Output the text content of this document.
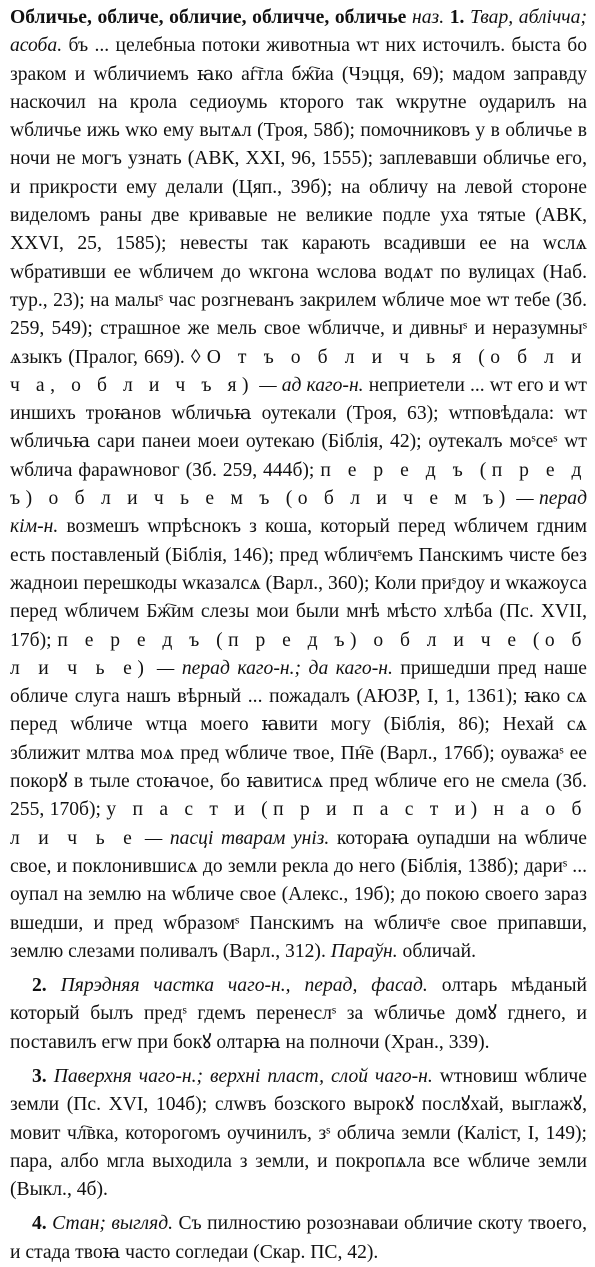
Обличье, обличе, обличие, обличче, обличье наз. 1. Твар, абліччa; асоба. бъ ... целебныа потоки животныа wт них истoчилъ. быста бо зраком и wбличиемъ ꙗко аг҇гла бж҇иа (Чэцця, 69); мадом заправду наскочил на крола седиоумь кторого так wкрутне оударилъ на wбличье ижь wко ему вытѧл (Троя, 58б); помочниковъ у в обличье в ночи не могъ узнать (АВК, XXI, 96, 1555); заплевавши обличье его, и прикрости ему делали (Цяп., 39б); на обличу на левой стороне виделомъ раны две кривавые не великие подле уха тятые (АВК, XXVI, 25, 1585); невесты так карають всадивши ее на wслѧ wбративши ее wбличем до wкгона wслова водѧт по вулицах (Наб. тур., 23); на малыˢ час розгневанъ закрилем wбличе мое wт тебе (Зб. 259, 549); страшное же мель свое wбличче, и дивныˢ и неразумныˢ ѧзыкъ (Пралог, 669). ◊ О т ъ о б л и ч ь я (о б л и ч а, о б л и ч ъ я) — ад каго-н. неприетели ... wт его и wт иншихъ троꙗнов wбличьꙗ оутекали (Троя, 63); wтповѣдала: wт wбличьꙗ сари панеи моеи оутекаю (Біблія, 42); оутекалъ моˢсеˢ wт wблича фараwновог (Зб. 259, 444б); п е р е д ъ (п р е д ъ) о б л и ч ь е м ъ (о б л и ч е м ъ) — перад кім-н. возмешъ wпрѣснокъ з коша, который перед wбличем гдним есть поставленый (Біблія, 146); пред wбличˢемъ Панскимъ чисте без жадноиı перешкоды wказалсѧ (Варл., 360); Коли приˢдоу и wкажоуса перед wбличем Бж҇им слезы мои были мнѣ мѣсто хлѣба (Пс. XVII, 17б); п е р е д ъ (п р е д ъ) о б л и ч е (о б л и ч ь е) — перад каго-н.; да каго-н. пришедши пред наше обличе слуга нашъ вѣрный ... пожадалъ (АЮЗР, I, 1, 1361); ꙗко сѧ перед wбличе wтца моего ꙗвити могу (Біблія, 86); Нехай сѧ зближит млтва моѧ пред wбличе твое, Пн҇е (Варл., 176б); оуважаˢ ее покорꙋ в тыле стоꙗчое, бо ꙗвитисѧ пред wбличе его не смела (Зб. 255, 170б); у п а с т и (п р и п а с т и) н а о б л и ч ь е — пасці тварам уніз. котораꙗ оупадши на wбличе свое, и поклонившисѧ до земли рекла до него (Біблія, 138б); дариˢ ... оупал на землю на wбличе свое (Алекс., 19б); до покою своего зараз вшедши, и пред wбразомˢ Панскимъ на wбличˢе свое припавши, землю слезами поливалъ (Варл., 312). Параўн. обличай.

2. Пярэдняя частка чаго-н., перад, фасад. олтарь мѣданый который былъ предˢ гдемъ перенеслˢ за wбличье домꙋ гднего, и поставилъ егw при бокꙋ олтарꙗ на полночи (Хран., 339).

3. Паверхня чаго-н.; верхні пласт, слой чаго-н. wтновиш wбличе земли (Пс. XVI, 104б); слwвъ бозского вырокꙋ послꙋхай, выглажꙋ, мовит чл҇вка, которогомъ оучинилъ, зˢ облича земли (Каліст, I, 149); пара, албо мгла выходила з земли, и покропѧла все wбличе земли (Выкл., 4б).

4. Стан; выгляд. Съ пилностию розознаваи обличие скоту твоего, и стада твоꙗ часто согледаи (Скар. ПС, 42).
